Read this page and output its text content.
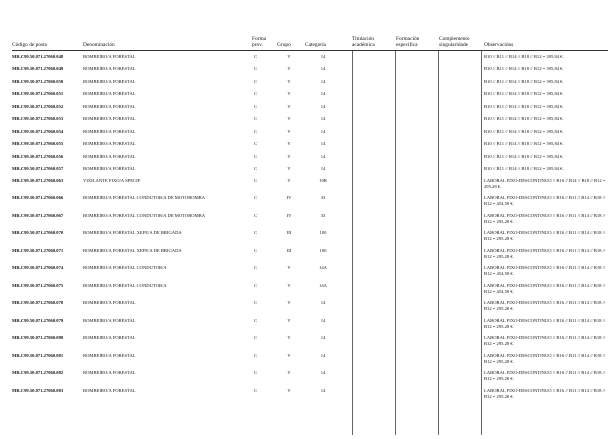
Código de posto	Denominación
Forma prov.	Grupo	Categoría
Titulación académica
Formación específica
Complemento singularidade	Observacións
MR.C99.50.071.27060.048	BOMBEIRO/A FORESTAL	C	V	14	B10 // B11 // B14 // B18 // B12 = 395,84 €.
MR.C99.50.071.27060.049	BOMBEIRO/A FORESTAL	C	V	14	B10 // B11 // B14 // B18 // B12 = 395,84 €.
MR.C99.50.071.27060.050	BOMBEIRO/A FORESTAL	C	V	14	B10 // B11 // B14 // B18 // B12 = 395,84 €.
MR.C99.50.071.27060.051	BOMBEIRO/A FORESTAL	C	V	14	B10 // B11 // B14 // B18 // B12 = 395,84 €.
MR.C99.50.071.27060.052	BOMBEIRO/A FORESTAL	C	V	14	B10 // B11 // B14 // B18 // B12 = 395,84 €.
MR.C99.50.071.27060.053	BOMBEIRO/A FORESTAL	C	V	14	B10 // B11 // B14 // B18 // B12 = 395,84 €.
MR.C99.50.071.27060.054	BOMBEIRO/A FORESTAL	C	V	14	B10 // B11 // B14 // B18 // B12 = 395,84 €.
MR.C99.50.071.27060.055	BOMBEIRO/A FORESTAL	C	V	14	B10 // B11 // B14 // B18 // B12 = 395,84 €.
MR.C99.50.071.27060.056	BOMBEIRO/A FORESTAL	C	V	14	B10 // B11 // B14 // B18 // B12 = 395,84 €.
MR.C99.50.071.27060.057	BOMBEIRO/A FORESTAL	C	V	14	B10 // B11 // B14 // B18 // B12 = 395,84 €.
MR.C99.50.071.27060.063	VIXILANTE FIXO/A SPECIF	C	V	10B	LABORAL FIXO-DESCONTINUO // B16 // B14 // B18 // B12 = 295,28 €.
MR.C99.50.071.27060.066	BOMBEIRO/A FORESTAL CONDUTOR/A DE MOTOBOMBA	C	IV	33	LABORAL FIXO-DESCONTINUO // B16 // B11 // B14 // B18 // B12 = 454,58 €.
MR.C99.50.071.27060.067	BOMBEIRO/A FORESTAL CONDUTOR/A DE MOTOBOMBA	C	IV	33	LABORAL FIXO-DESCONTINUO // B16 // B11 // B14 // B18 // B12 = 295,28 €.
MR.C99.50.071.27060.070	BOMBEIRO/A FORESTAL XEFE/A DE BRIGADA	C	III	100	LABORAL FIXO-DESCONTINUO // B16 // B11 // B14 // B18 // B12 = 295,28 €.
MR.C99.50.071.27060.071	BOMBEIRO/A FORESTAL XEFE/A DE BRIGADA	C	III	100	LABORAL FIXO-DESCONTINUO // B16 // B11 // B14 // B18 // B12 = 295,28 €.
MR.C99.50.071.27060.074	BOMBEIRO/A FORESTAL CONDUTOR/A	C	V	14A	LABORAL FIXO-DESCONTINUO // B16 // B11 // B14 // B18 // B12 = 454,58 €.
MR.C99.50.071.27060.075	BOMBEIRO/A FORESTAL CONDUTOR/A	C	V	14A	LABORAL FIXO-DESCONTINUO // B16 // B11 // B14 // B18 // B12 = 454,58 €.
MR.C99.50.071.27060.078	BOMBEIRO/A FORESTAL	C	V	14	LABORAL FIXO-DESCONTINUO // B16 // B11 // B14 // B18 // B12 = 295,28 €.
MR.C99.50.071.27060.079	BOMBEIRO/A FORESTAL	C	V	14	LABORAL FIXO-DESCONTINUO // B16 // B11 // B14 // B18 // B12 = 295,28 €.
MR.C99.50.071.27060.080	BOMBEIRO/A FORESTAL	C	V	14	LABORAL FIXO-DESCONTINUO // B16 // B11 // B14 // B18 // B12 = 295,28 €.
MR.C99.50.071.27060.081	BOMBEIRO/A FORESTAL	C	V	14	LABORAL FIXO-DESCONTINUO // B16 // B11 // B14 // B18 // B12 = 295,28 €.
MR.C99.50.071.27060.082	BOMBEIRO/A FORESTAL	C	V	14	LABORAL FIXO-DESCONTINUO // B16 // B11 // B14 // B18 // B12 = 295,28 €.
MR.C99.50.071.27060.083	BOMBEIRO/A FORESTAL	C	V	14	LABORAL FIXO-DESCONTINUO // B16 // B11 // B14 // B18 // B12 = 295,28 €.
